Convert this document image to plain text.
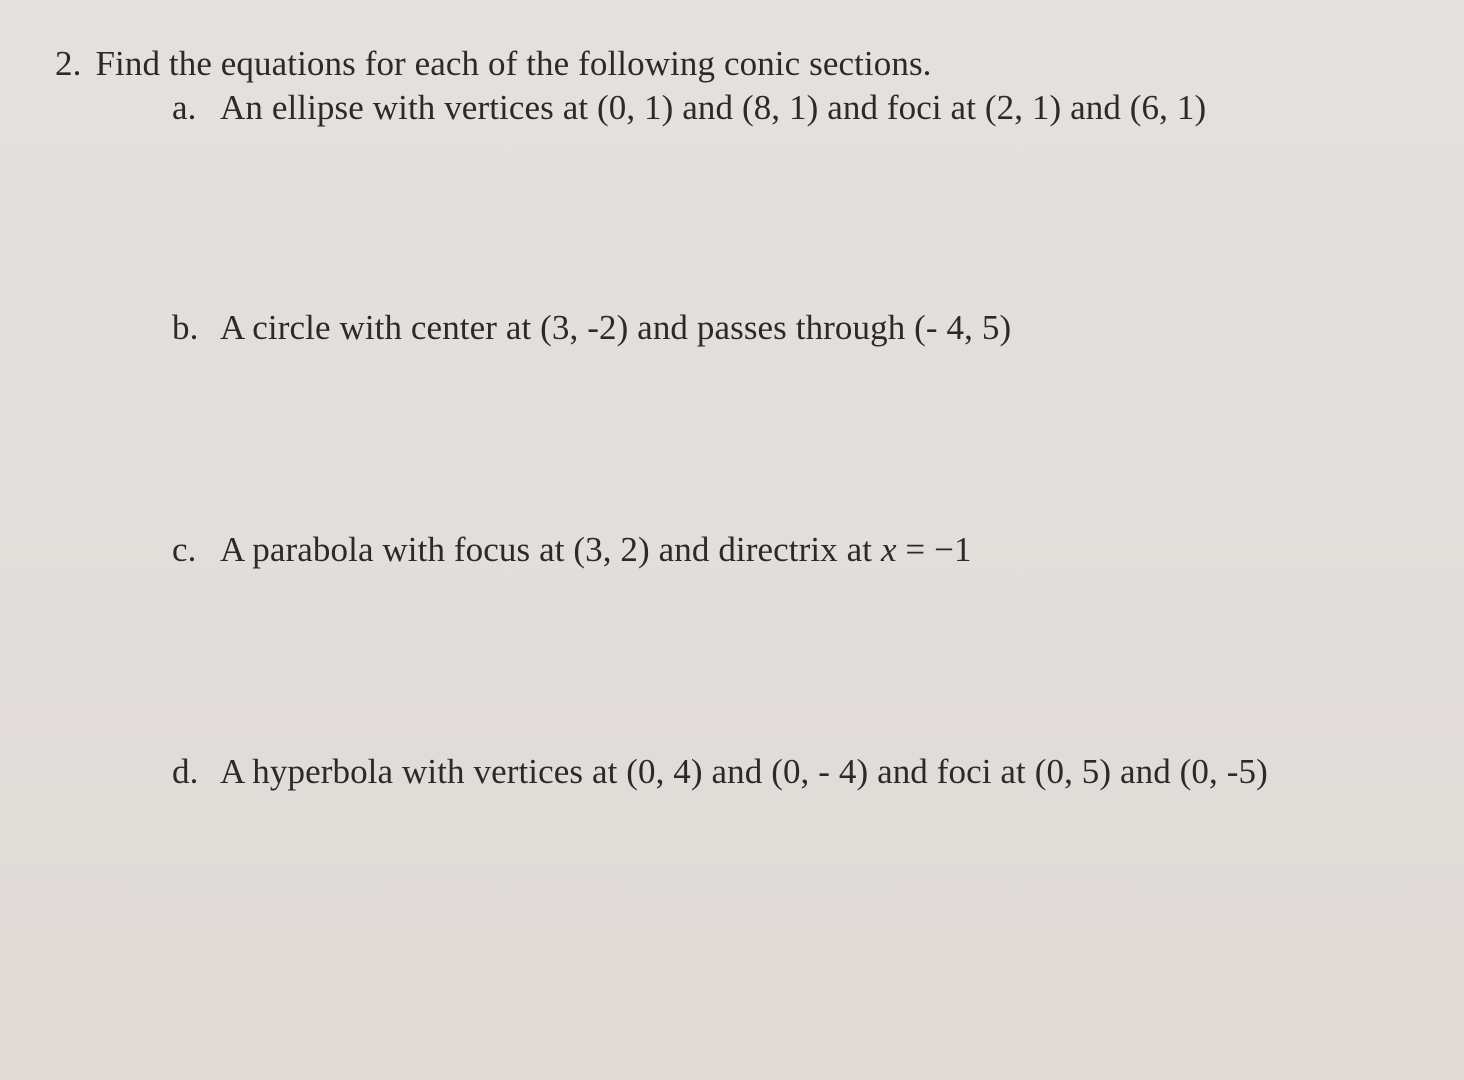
2. Find the equations for each of the following conic sections.
a. An ellipse with vertices at (0, 1) and (8, 1) and foci at (2, 1) and (6, 1)
b. A circle with center at (3, -2) and passes through (- 4, 5)
c. A parabola with focus at (3, 2) and directrix at x = −1
d. A hyperbola with vertices at (0, 4) and (0, - 4) and foci at (0, 5) and (0, -5)
